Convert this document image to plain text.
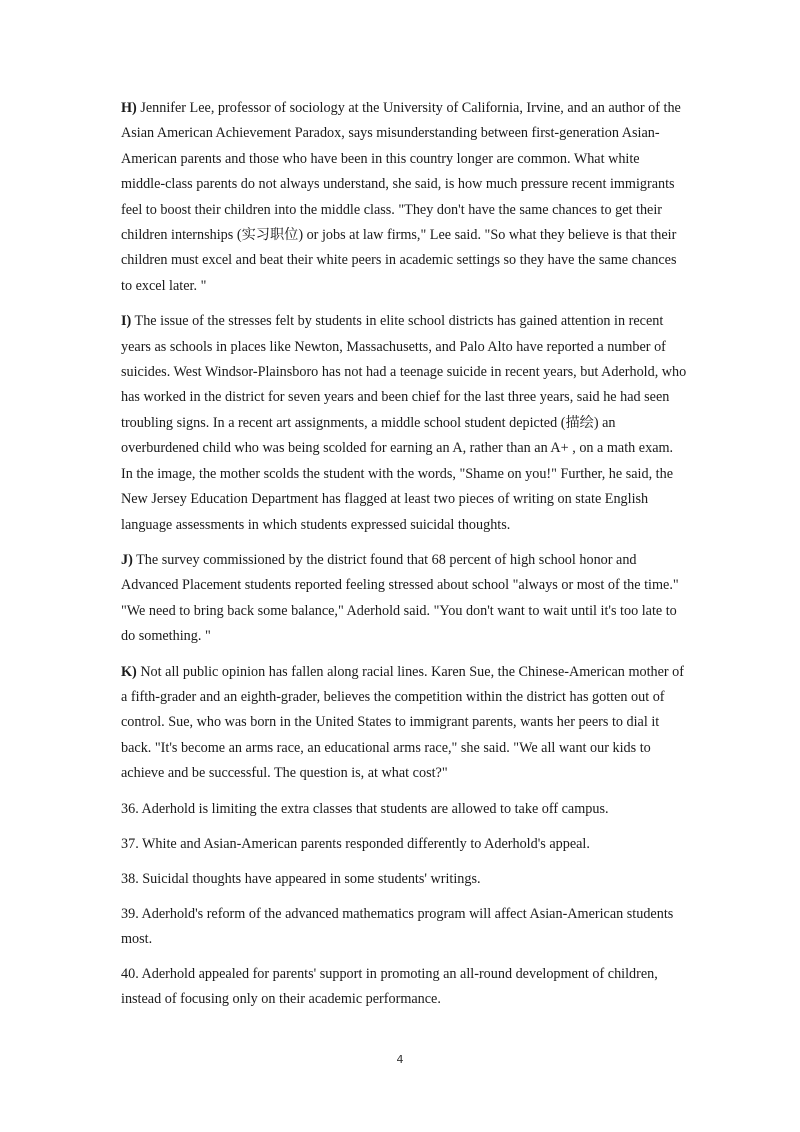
H) Jennifer Lee, professor of sociology at the University of California, Irvine, and an author of the Asian American Achievement Paradox, says misunderstanding between first-generation Asian-American parents and those who have been in this country longer are common. What white middle-class parents do not always understand, she said, is how much pressure recent immigrants feel to boost their children into the middle class. "They don't have the same chances to get their children internships (实习职位) or jobs at law firms," Lee said. "So what they believe is that their children must excel and beat their white peers in academic settings so they have the same chances to excel later. "

I) The issue of the stresses felt by students in elite school districts has gained attention in recent years as schools in places like Newton, Massachusetts, and Palo Alto have reported a number of suicides. West Windsor-Plainsboro has not had a teenage suicide in recent years, but Aderhold, who has worked in the district for seven years and been chief for the last three years, said he had seen troubling signs. In a recent art assignments, a middle school student depicted (描绘) an overburdened child who was being scolded for earning an A, rather than an A+ , on a math exam. In the image, the mother scolds the student with the words, "Shame on you!" Further, he said, the New Jersey Education Department has flagged at least two pieces of writing on state English language assessments in which students expressed suicidal thoughts.

J) The survey commissioned by the district found that 68 percent of high school honor and Advanced Placement students reported feeling stressed about school "always or most of the time." "We need to bring back some balance," Aderhold said. "You don't want to wait until it's too late to do something. "

K) Not all public opinion has fallen along racial lines. Karen Sue, the Chinese-American mother of a fifth-grader and an eighth-grader, believes the competition within the district has gotten out of control. Sue, who was born in the United States to immigrant parents, wants her peers to dial it back. "It's become an arms race, an educational arms race," she said. "We all want our kids to achieve and be successful. The question is, at what cost?"

36. Aderhold is limiting the extra classes that students are allowed to take off campus.

37. White and Asian-American parents responded differently to Aderhold's appeal.

38. Suicidal thoughts have appeared in some students' writings.

39. Aderhold's reform of the advanced mathematics program will affect Asian-American students most.

40. Aderhold appealed for parents' support in promoting an all-round development of children, instead of focusing only on their academic performance.

4
